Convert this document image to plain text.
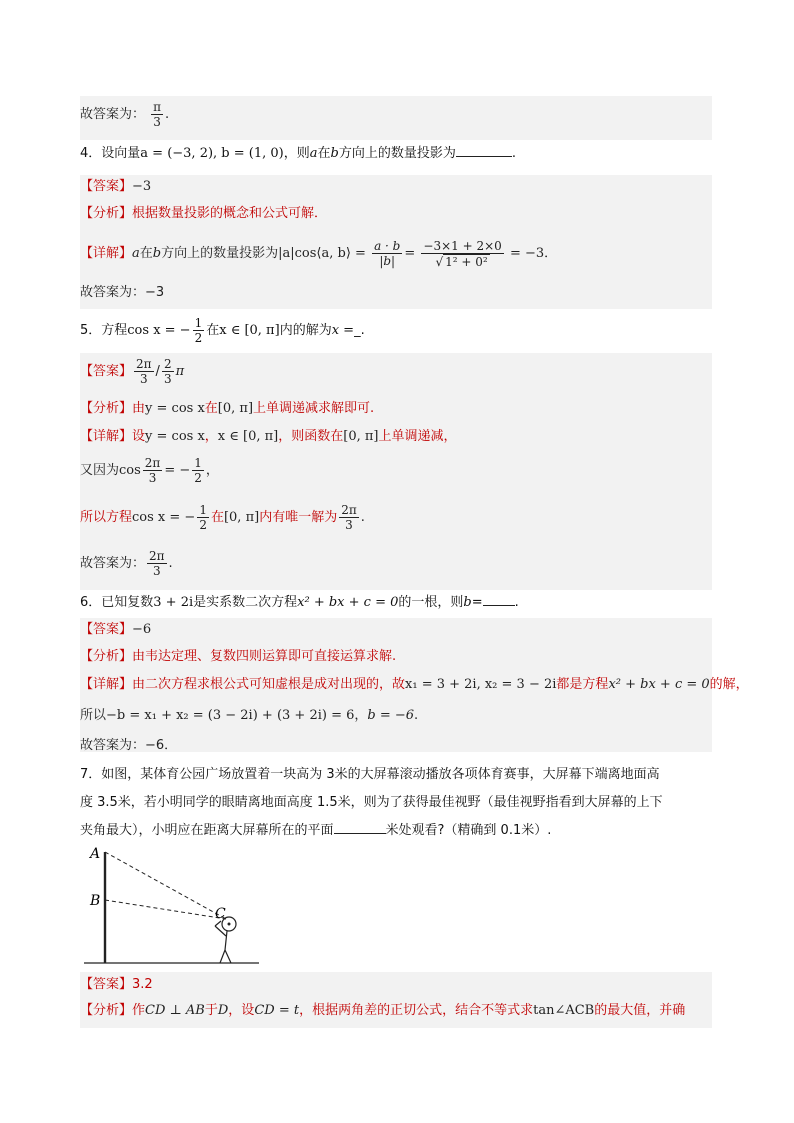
故答案为： $\frac{\pi}{3}$ .
4．设向量a = (−3, 2), b = (1, 0)，则a在b方向上的数量投影为	.
【答案】−3
【分析】根据数量投影的概念和公式可解．
【详解】a在b方向上的数量投影为|a|cos⟨a, b⟩ = $\frac{a \cdot b}{|b|} = \frac{-3\times 1 + 2\times 0}{\text{√ 1² + 0²}} = -3$．
故答案为：−3
5．方程cos x = − $\frac{1}{2}$ 在x ∈ [0, π]内的解为x =_.
【答案】 $\frac{2\pi}{3} / \frac{2}{3}$ π
【分析】由y = cos x在[0, π]上单调递减求解即可.
【详解】设y = cos x，x ∈ [0, π]，则函数在[0, π]上单调递减，
又因为$\cos \frac{2\pi}{3}$ = − $\frac{1}{2}$ ，
所以方程cos x = − $\frac{1}{2}$ 在[0, π]内有唯一解为 $\frac{2\pi}{3}$ .
故答案为： $\frac{2\pi}{3}$ .
6．已知复数3 + 2i是实系数二次方程x² + bx + c = 0的一根，则b= .
【答案】−6
【分析】由韦达定理、复数四则运算即可直接运算求解.
【详解】由二次方程求根公式可知虚根是成对出现的，故x₁ = 3 + 2i, x₂ = 3 − 2i都是方程x² + bx + c = 0的解，
所以−b = x₁ + x₂ = (3 − 2i) + (3 + 2i) = 6，b = −6.
故答案为：−6．
7．如图，某体育公园广场放置着一块高为 3米的大屏幕滚动播放各项体育赛事，大屏幕下端离地面高
度 3.5米，若小明同学的眼睛离地面高度 1.5米，则为了获得最佳视野（最佳视野指看到大屏幕的上下
夹角最大），小明应在距离大屏幕所在的平面	米处观看?（精确到 0.1米）.
A
B
C
【答案】3.2
【分析】作CD ⊥ AB于D，设CD = t，根据两角差的正切公式，结合不等式求tan∠ACB的最大值，并确
